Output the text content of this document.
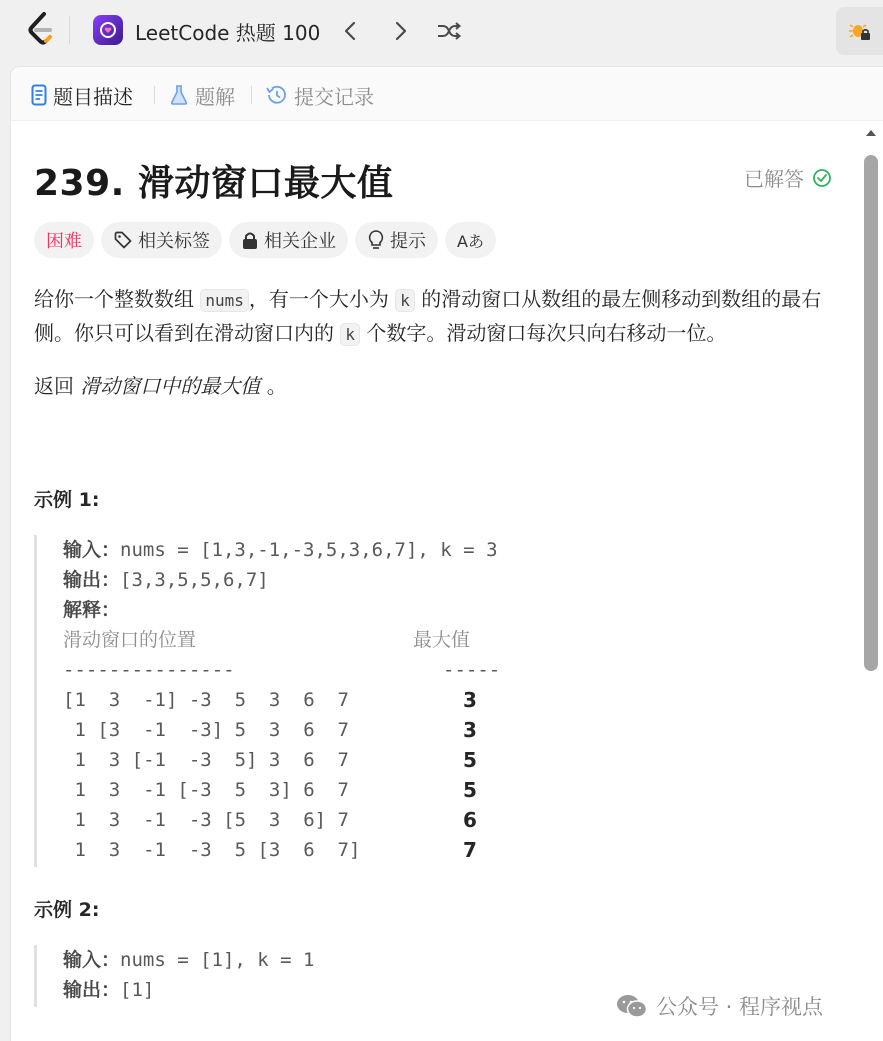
LeetCode 热题 100
题目描述	题解	提交记录
239. 滑动窗口最大值	已解答
困难	相关标签	相关企业	提示 Aあ
给你一个整数数组 nums ，有一个大小为 k 的滑动窗口从数组的最左侧移动到数组的最右侧。你只可以看到在滑动窗口内的 k 个数字。滑动窗口每次只向右移动一位。
返回 滑动窗口中的最大值 。
示例 1:
输入：nums = [1,3,-1,-3,5,3,6,7], k = 3
输出：[3,3,5,5,6,7]
解释：
滑动窗口的位置	最大值
---------------	-----
[1  3  -1] -3  5  3  6  7	3
1 [3  -1  -3] 5  3  6  7	3
1  3 [-1  -3  5] 3  6  7	5
1  3  -1 [-3  5  3] 6  7	5
1  3  -1  -3 [5  3  6] 7	6
1  3  -1  -3  5 [3  6  7]	7
示例 2:
输入：nums = [1], k = 1
输出：[1]
公众号 · 程序视点
